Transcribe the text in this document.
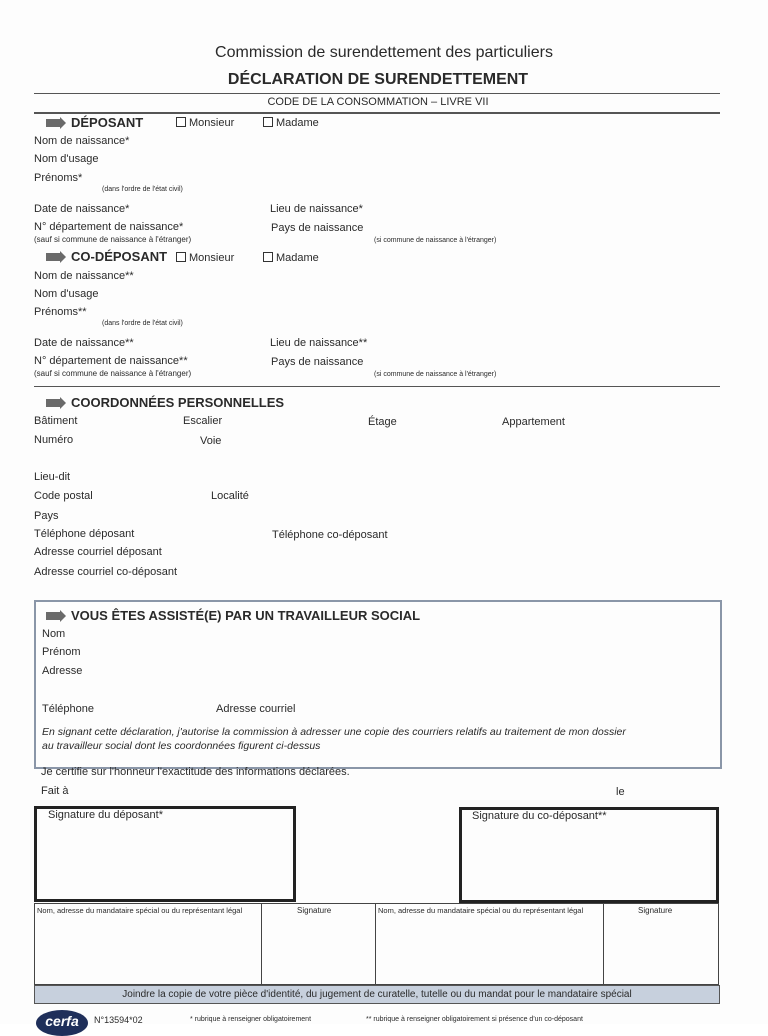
Commission de surendettement des particuliers
DÉCLARATION DE SURENDETTEMENT
CODE DE LA CONSOMMATION – LIVRE VII
DÉPOSANT	Monsieur	Madame
Nom de naissance*
Nom d'usage
Prénoms*
(dans l'ordre de l'état civil)
Date de naissance*	Lieu de naissance*
N° département de naissance*
(sauf si commune de naissance à l'étranger)
Pays de naissance
(si commune de naissance à l'étranger)
CO-DÉPOSANT	Monsieur	Madame
Nom de naissance**
Nom d'usage
Prénoms**
(dans l'ordre de l'état civil)
Date de naissance**	Lieu de naissance**
N° département de naissance**
(sauf si commune de naissance à l'étranger)
Pays de naissance
(si commune de naissance à l'étranger)
COORDONNÉES PERSONNELLES
Bâtiment	Escalier	Étage	Appartement
Numéro	Voie
Lieu-dit
Code postal	Localité
Pays
Téléphone déposant	Téléphone co-déposant
Adresse courriel déposant
Adresse courriel co-déposant
VOUS ÊTES ASSISTÉ(E) PAR UN TRAVAILLEUR SOCIAL
Nom
Prénom
Adresse
Téléphone	Adresse courriel
En signant cette déclaration, j'autorise la commission à adresser une copie des courriers relatifs au traitement de mon dossier
au travailleur social dont les coordonnées figurent ci-dessus
Je certifie sur l'honneur l'exactitude des informations déclarées.
Fait à	le
Signature du déposant*	Signature du co-déposant**
Nom, adresse du mandataire spécial ou du représentant légal	Signature	Nom, adresse du mandataire spécial ou du représentant légal	Signature
Joindre la copie de votre pièce d'identité, du jugement de curatelle, tutelle ou du mandat pour le mandataire spécial
cerfa	N°13594*02	* rubrique à renseigner obligatoirement	** rubrique à renseigner obligatoirement si présence d'un co-déposant
